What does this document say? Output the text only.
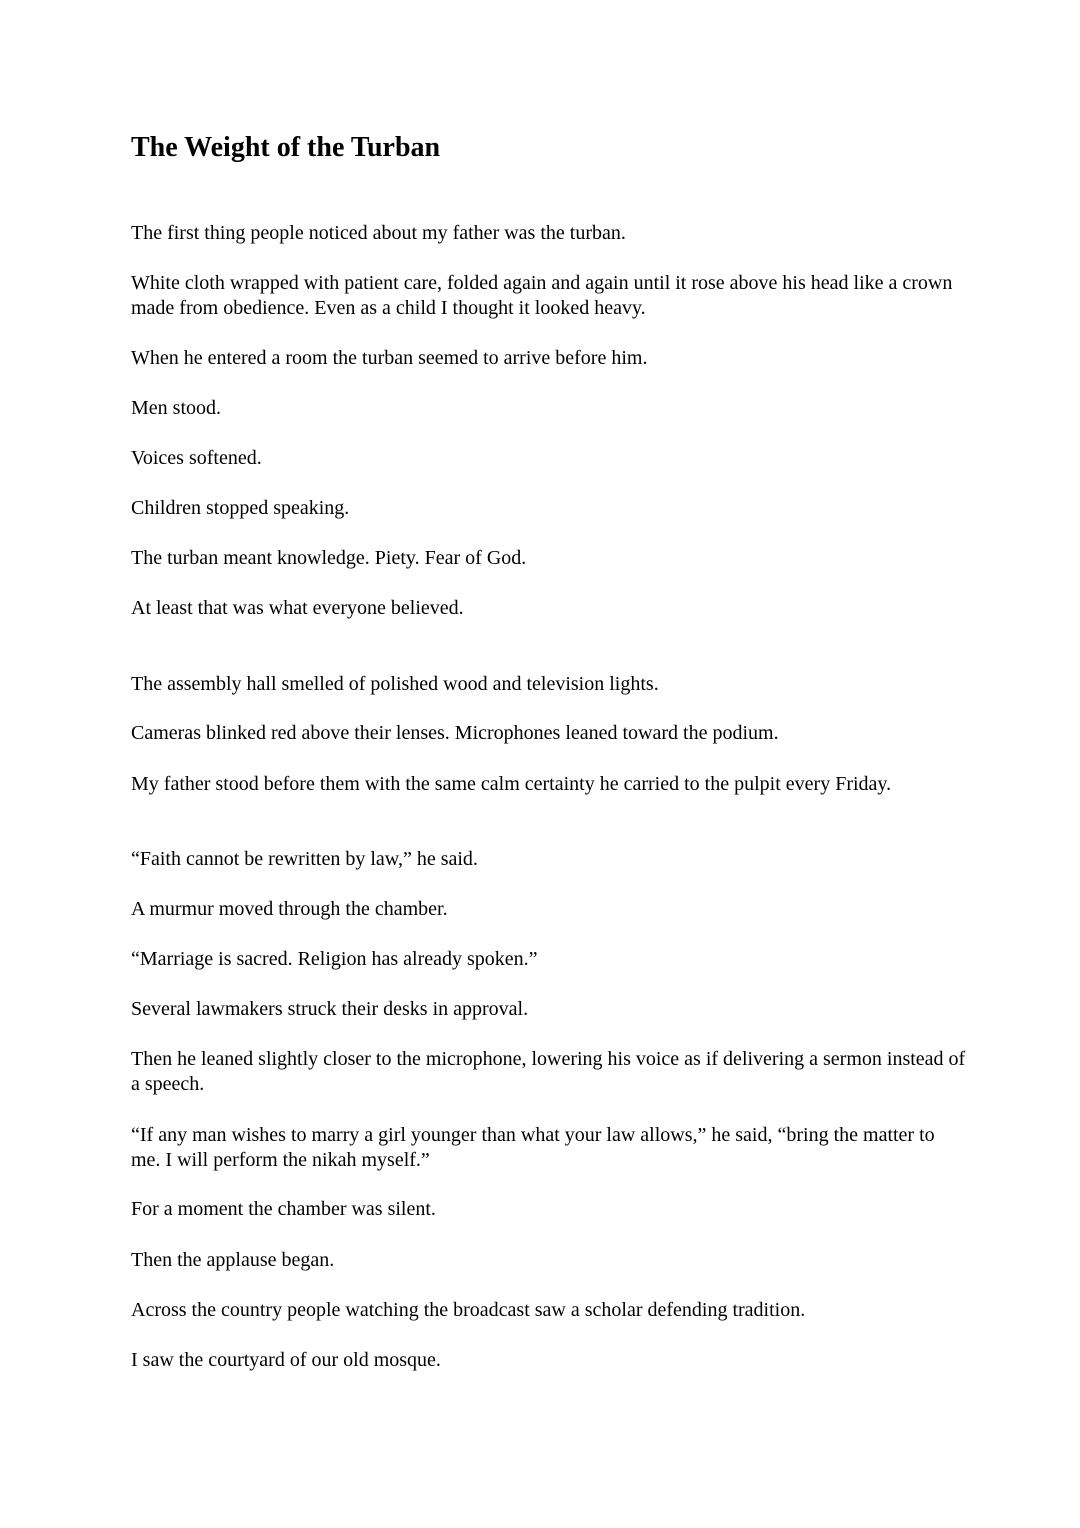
The Weight of the Turban

The first thing people noticed about my father was the turban.

White cloth wrapped with patient care, folded again and again until it rose above his head like a crown made from obedience. Even as a child I thought it looked heavy.

When he entered a room the turban seemed to arrive before him.

Men stood.

Voices softened.

Children stopped speaking.

The turban meant knowledge. Piety. Fear of God.

At least that was what everyone believed.

The assembly hall smelled of polished wood and television lights.

Cameras blinked red above their lenses. Microphones leaned toward the podium.

My father stood before them with the same calm certainty he carried to the pulpit every Friday.

“Faith cannot be rewritten by law,” he said.

A murmur moved through the chamber.

“Marriage is sacred. Religion has already spoken.”

Several lawmakers struck their desks in approval.

Then he leaned slightly closer to the microphone, lowering his voice as if delivering a sermon instead of a speech.

“If any man wishes to marry a girl younger than what your law allows,” he said, “bring the matter to me. I will perform the nikah myself.”

For a moment the chamber was silent.

Then the applause began.

Across the country people watching the broadcast saw a scholar defending tradition.

I saw the courtyard of our old mosque.
